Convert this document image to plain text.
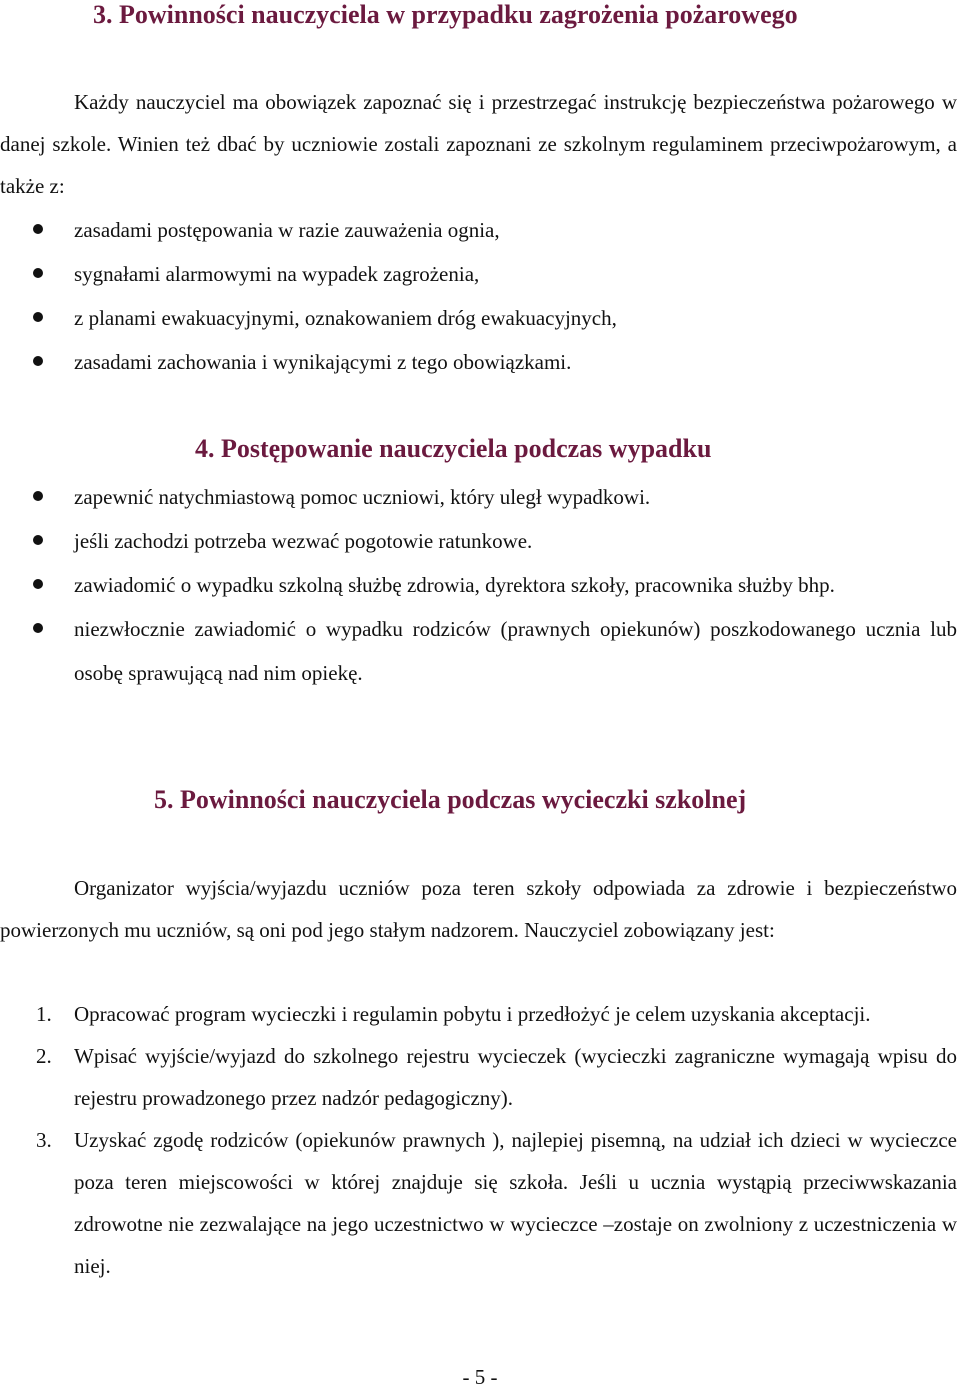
3. Powinności nauczyciela w przypadku zagrożenia pożarowego

Każdy nauczyciel ma obowiązek zapoznać się i przestrzegać instrukcję bezpieczeństwa pożarowego w danej szkole. Winien też dbać by uczniowie zostali zapoznani ze szkolnym regulaminem przeciwpożarowym, a także z:

zasadami postępowania w razie zauważenia ognia,
sygnałami alarmowymi na wypadek zagrożenia,
z planami ewakuacyjnymi, oznakowaniem dróg ewakuacyjnych,
zasadami zachowania i wynikającymi z tego obowiązkami.
4. Postępowanie nauczyciela podczas wypadku
zapewnić natychmiastową pomoc uczniowi, który uległ wypadkowi.
jeśli zachodzi potrzeba wezwać pogotowie ratunkowe.
zawiadomić o wypadku szkolną służbę zdrowia, dyrektora szkoły, pracownika służby bhp.
niezwłocznie zawiadomić o wypadku rodziców (prawnych opiekunów) poszkodowanego ucznia lub osobę sprawującą nad nim opiekę.
5. Powinności nauczyciela podczas wycieczki szkolnej

Organizator wyjścia/wyjazdu uczniów poza teren szkoły odpowiada za zdrowie i bezpieczeństwo powierzonych mu uczniów, są oni pod jego stałym nadzorem. Nauczyciel zobowiązany jest:

1. Opracować program wycieczki i regulamin pobytu i przedłożyć je celem uzyskania akceptacji.
2. Wpisać wyjście/wyjazd do szkolnego rejestru wycieczek (wycieczki zagraniczne wymagają wpisu do rejestru prowadzonego przez nadzór pedagogiczny).
3. Uzyskać zgodę rodziców (opiekunów prawnych ), najlepiej pisemną, na udział ich dzieci w wycieczce poza teren miejscowości w której znajduje się szkoła. Jeśli u ucznia wystąpią przeciwwskazania zdrowotne nie zezwalające na jego uczestnictwo w wycieczce –zostaje on zwolniony z uczestniczenia w niej.
- 5 -
